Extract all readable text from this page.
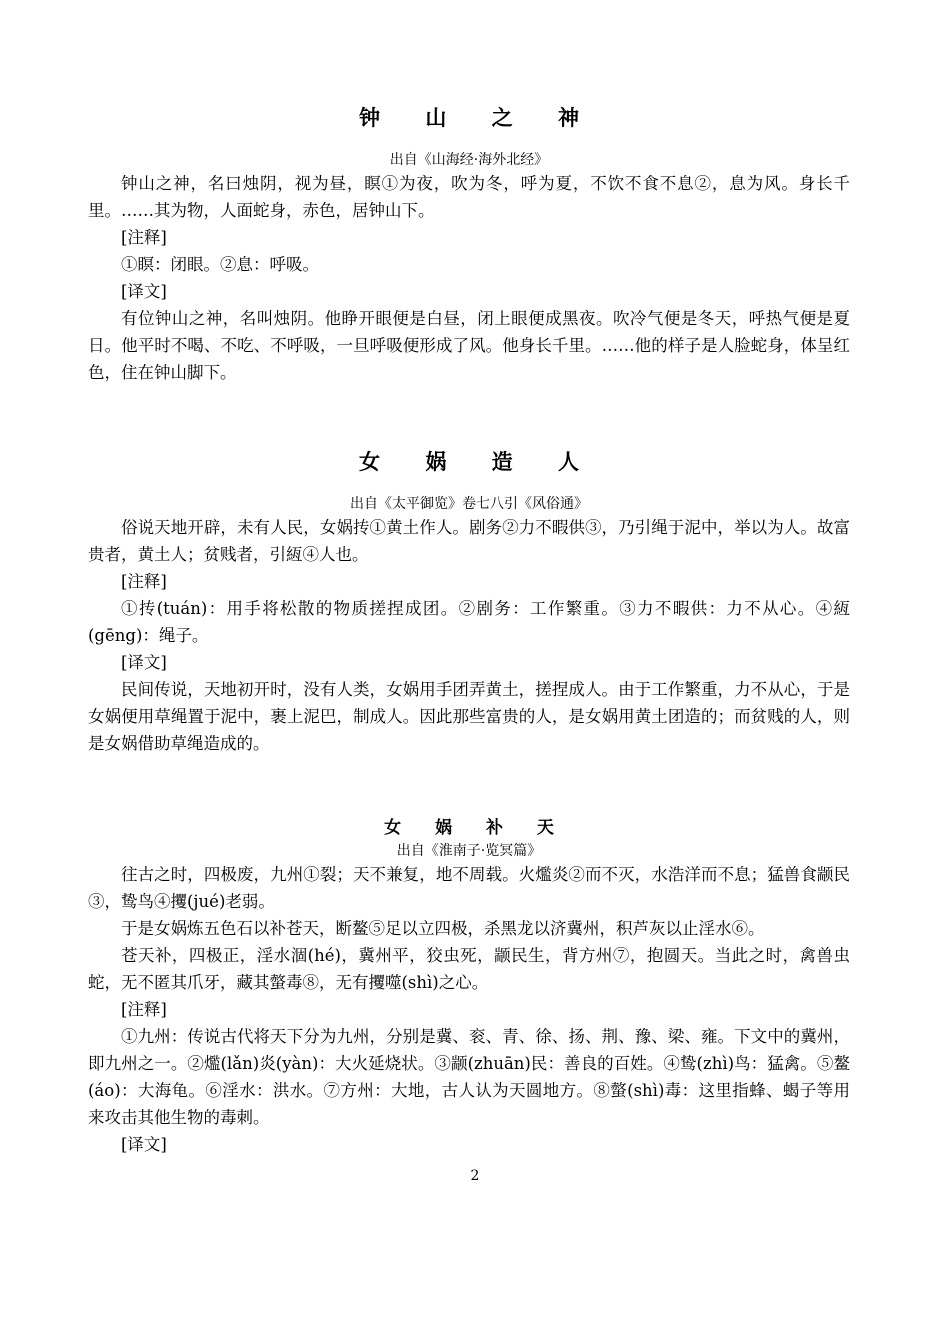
钟 山 之 神

出自《山海经·海外北经》

钟山之神，名曰烛阴，视为昼，瞑①为夜，吹为冬，呼为夏，不饮不食不息②，息为风。身长千里。……其为物，人面蛇身，赤色，居钟山下。

[注释]

①瞑：闭眼。②息：呼吸。

[译文]

有位钟山之神，名叫烛阴。他睁开眼便是白昼，闭上眼便成黑夜。吹冷气便是冬天，呼热气便是夏日。他平时不喝、不吃、不呼吸，一旦呼吸便形成了风。他身长千里。……他的样子是人脸蛇身，体呈红色，住在钟山脚下。

女 娲 造 人

出自《太平御览》卷七八引《风俗通》

俗说天地开辟，未有人民，女娲抟①黄土作人。剧务②力不暇供③，乃引绳于泥中，举以为人。故富贵者，黄土人；贫贱者，引絚④人也。

[注释]

①抟(tuán)：用手将松散的物质搓捏成团。②剧务：工作繁重。③力不暇供：力不从心。④絚(gēng)：绳子。

[译文]

民间传说，天地初开时，没有人类，女娲用手团弄黄土，搓捏成人。由于工作繁重，力不从心，于是女娲便用草绳置于泥中，裹上泥巴，制成人。因此那些富贵的人，是女娲用黄土团造的；而贫贱的人，则是女娲借助草绳造成的。

女 娲 补 天

出自《淮南子·览冥篇》

往古之时，四极废，九州①裂；天不兼复，地不周载。火爁炎②而不灭，水浩洋而不息；猛兽食颛民③，鸷鸟④攫(jué)老弱。

于是女娲炼五色石以补苍天，断鳌⑤足以立四极，杀黑龙以济冀州，积芦灰以止淫水⑥。

苍天补，四极正，淫水涸(hé)，冀州平，狡虫死，颛民生，背方州⑦，抱圆天。当此之时，禽兽虫蛇，无不匿其爪牙，藏其螫毒⑧，无有攫噬(shì)之心。

[注释]

①九州：传说古代将天下分为九州，分别是冀、衮、青、徐、扬、荆、豫、梁、雍。下文中的冀州，即九州之一。②爁(lǎn)炎(yàn)：大火延烧状。③颛(zhuān)民：善良的百姓。④鸷(zhì)鸟：猛禽。⑤鳌(áo)：大海龟。⑥淫水：洪水。⑦方州：大地，古人认为天圆地方。⑧螫(shì)毒：这里指蜂、蝎子等用来攻击其他生物的毒刺。

[译文]

2
